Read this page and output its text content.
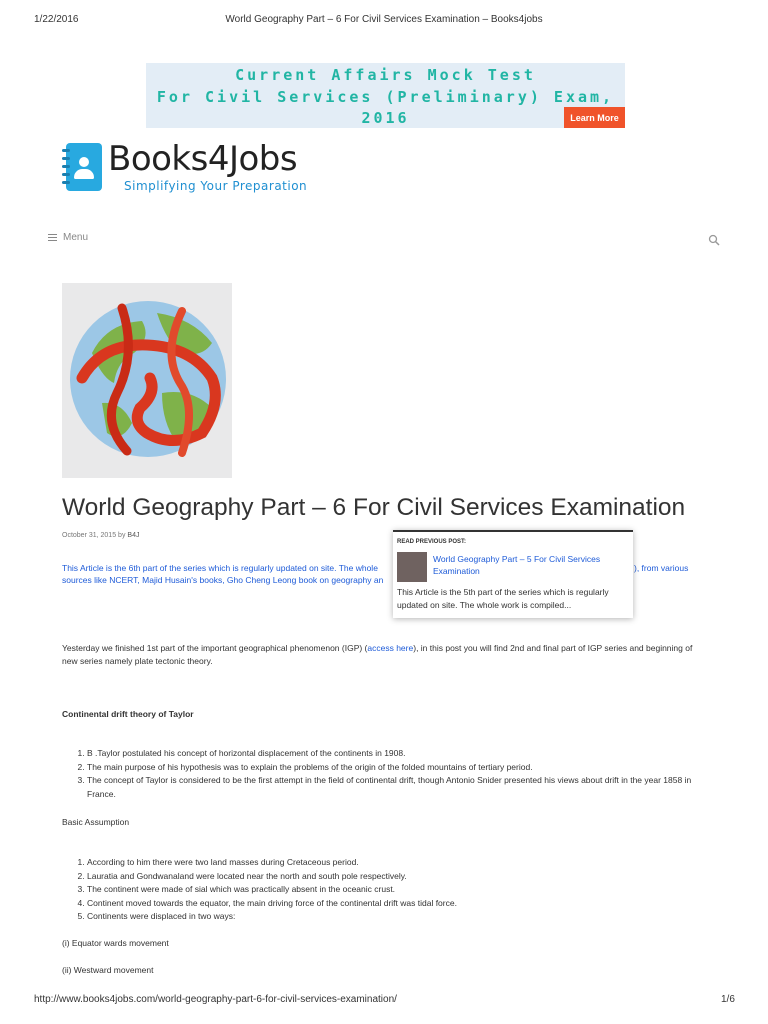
1/22/2016	World Geography Part – 6 For Civil Services Examination – Books4jobs
Current Affairs Mock Test
For Civil Services (Preliminary) Exam,
2016	Learn More
Books4Jobs
Simplifying Your Preparation
Menu
World Geography Part – 6 For Civil Services Examination
October 31, 2015 by B4J
This Article is the 6th part of the series which is regularly updated on site. The whole	), from various
sources like NCERT, Majid Husain's books, Gho Cheng Leong book on geography an
READ PREVIOUS POST:
World Geography Part – 5 For Civil Services Examination
This Article is the 5th part of the series which is regularly updated on site. The whole work is compiled...
Yesterday we finished 1st part of the important geographical phenomenon (IGP) (access here), in this post you will find 2nd and final part of IGP series and beginning of new series namely plate tectonic theory.
Continental drift theory of Taylor
1. B .Taylor postulated his concept of horizontal displacement of the continents in 1908.
2. The main purpose of his hypothesis was to explain the problems of the origin of the folded mountains of tertiary period.
3. The concept of Taylor is considered to be the first attempt in the field of continental drift, though Antonio Snider presented his views about drift in the year 1858 in France.
Basic Assumption
1. According to him there were two land masses during Cretaceous period.
2. Lauratia and Gondwanaland were located near the north and south pole respectively.
3. The continent were made of sial which was practically absent in the oceanic crust.
4. Continent moved towards the equator, the main driving force of the continental drift was tidal force.
5. Continents were displaced in two ways:
(i) Equator wards movement
(ii) Westward movement
http://www.books4jobs.com/world-geography-part-6-for-civil-services-examination/	1/6
